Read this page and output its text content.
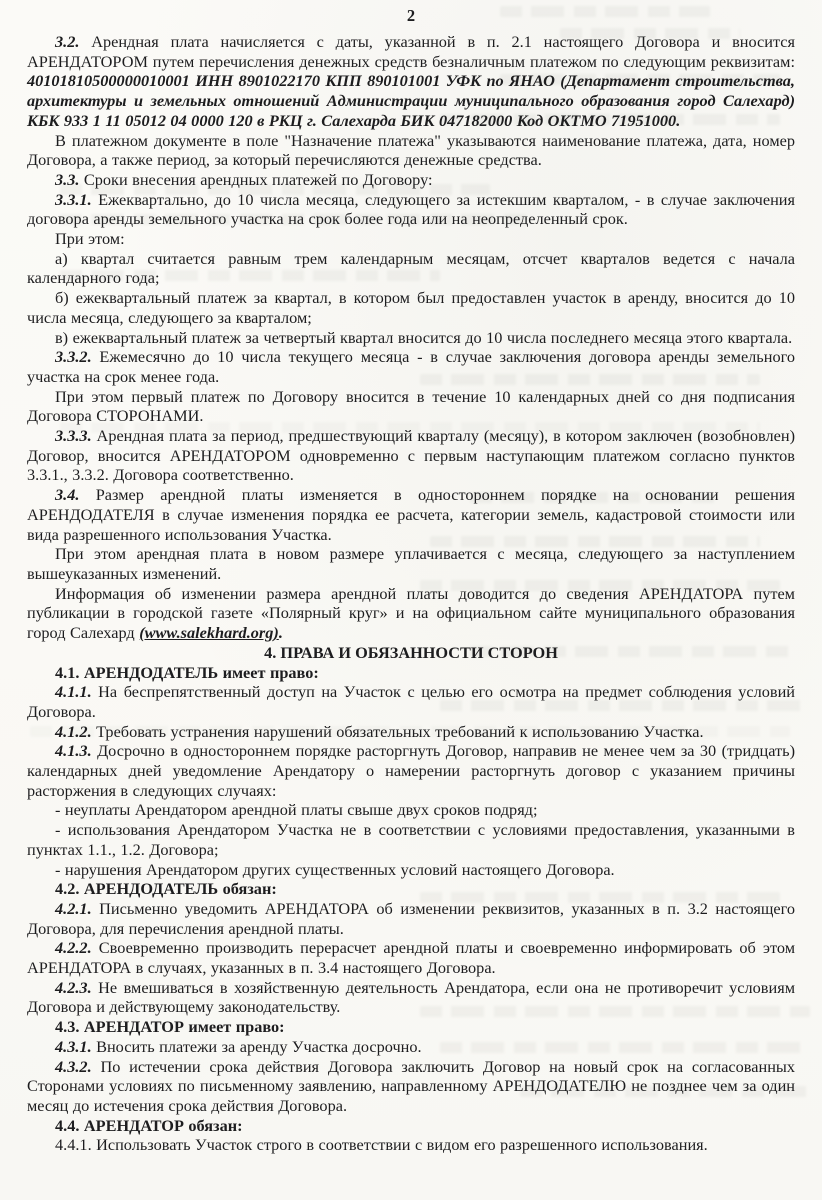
2
3.2. Арендная плата начисляется с даты, указанной в п. 2.1 настоящего Договора и вносится АРЕНДАТОРОМ путем перечисления денежных средств безналичным платежом по следующим реквизитам: 40101810500000010001 ИНН 8901022170 КПП 890101001 УФК по ЯНАО (Департамент строительства, архитектуры и земельных отношений Администрации муниципального образования город Салехард) КБК 933 1 11 05012 04 0000 120 в РКЦ г. Салехарда БИК 047182000 Код ОКТМО 71951000.
В платежном документе в поле "Назначение платежа" указываются наименование платежа, дата, номер Договора, а также период, за который перечисляются денежные средства.
3.3. Сроки внесения арендных платежей по Договору:
3.3.1. Ежеквартально, до 10 числа месяца, следующего за истекшим кварталом, - в случае заключения договора аренды земельного участка на срок более года или на неопределенный срок.
При этом:
а) квартал считается равным трем календарным месяцам, отсчет кварталов ведется с начала календарного года;
б) ежеквартальный платеж за квартал, в котором был предоставлен участок в аренду, вносится до 10 числа месяца, следующего за кварталом;
в) ежеквартальный платеж за четвертый квартал вносится до 10 числа последнего месяца этого квартала.
3.3.2. Ежемесячно до 10 числа текущего месяца - в случае заключения договора аренды земельного участка на срок менее года.
При этом первый платеж по Договору вносится в течение 10 календарных дней со дня подписания Договора СТОРОНАМИ.
3.3.3. Арендная плата за период, предшествующий кварталу (месяцу), в котором заключен (возобновлен) Договор, вносится АРЕНДАТОРОМ одновременно с первым наступающим платежом согласно пунктов 3.3.1., 3.3.2. Договора соответственно.
3.4. Размер арендной платы изменяется в одностороннем порядке на основании решения АРЕНДОДАТЕЛЯ в случае изменения порядка ее расчета, категории земель, кадастровой стоимости или вида разрешенного использования Участка.
При этом арендная плата в новом размере уплачивается с месяца, следующего за наступлением вышеуказанных изменений.
Информация об изменении размера арендной платы доводится до сведения АРЕНДАТОРА путем публикации в городской газете «Полярный круг» и на официальном сайте муниципального образования город Салехард (www.salekhard.org).
4. ПРАВА И ОБЯЗАННОСТИ СТОРОН
4.1. АРЕНДОДАТЕЛЬ имеет право:
4.1.1. На беспрепятственный доступ на Участок с целью его осмотра на предмет соблюдения условий Договора.
4.1.2. Требовать устранения нарушений обязательных требований к использованию Участка.
4.1.3. Досрочно в одностороннем порядке расторгнуть Договор, направив не менее чем за 30 (тридцать) календарных дней уведомление Арендатору о намерении расторгнуть договор с указанием причины расторжения в следующих случаях:
- неуплаты Арендатором арендной платы свыше двух сроков подряд;
- использования Арендатором Участка не в соответствии с условиями предоставления, указанными в пунктах 1.1., 1.2. Договора;
- нарушения Арендатором других существенных условий настоящего Договора.
4.2. АРЕНДОДАТЕЛЬ обязан:
4.2.1. Письменно уведомить АРЕНДАТОРА об изменении реквизитов, указанных в п. 3.2 настоящего Договора, для перечисления арендной платы.
4.2.2. Своевременно производить перерасчет арендной платы и своевременно информировать об этом АРЕНДАТОРА в случаях, указанных в п. 3.4 настоящего Договора.
4.2.3. Не вмешиваться в хозяйственную деятельность Арендатора, если она не противоречит условиям Договора и действующему законодательству.
4.3. АРЕНДАТОР имеет право:
4.3.1. Вносить платежи за аренду Участка досрочно.
4.3.2. По истечении срока действия Договора заключить Договор на новый срок на согласованных Сторонами условиях по письменному заявлению, направленному АРЕНДОДАТЕЛЮ не позднее чем за один месяц до истечения срока действия Договора.
4.4. АРЕНДАТОР обязан:
4.4.1. Использовать Участок строго в соответствии с видом его разрешенного использования.
